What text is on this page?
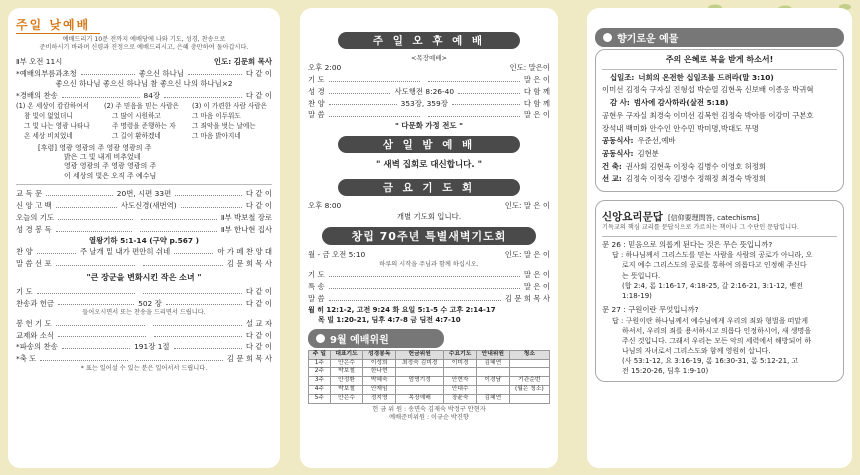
주일 낮예배
예배드리기 10분 전까지 예배당에 나와 기도, 성경, 찬송으로
준비하시기 바라며 신령과 진정으로 예배드리시고, 은혜 충만하여 돌아갑시다.
Ⅱ부 오전 11시	인도: 김문희 목사
*예배의부름과초청	좋으신 하나님	다 같 이
좋으신 하나님 좋으신 하나님 참 좋으신 나의 하나님×2
*경배의 찬송	84장	다 같 이
(1) 온 세상이 캄캄하여서	(2) 주 믿음을 믿는 사람은	(3) 이 가련한 사람 사람은
참 빛이 없었더니	그 많이 시원하고	그 마음 이두워도
그 빛 나는 영광 나타나	주 명령을 준행하는 자	그 죄악을 벗는 날에는
온 세상 비치었네	그 길이 환하겠네	그 마음 밝아지네
[후렴] 영광 영광의 주 영광 영광의 주
밝은 그 빛 내게 비추었네
영광 영광의 주 영광 영광의 주
이 세상의 빛은 오직 주 예수님
교 독 문	20번, 시편 33편	다 같 이
신 앙 고 백	사도신경(새번역)	다 같 이
오늘의 기도	Ⅱ부 박보철 장로
성 경 봉 독	Ⅱ부 한나현 집사
열왕기하 5:1-14 (구약 p.567 )
찬 양	주 날개 밑 내가 편안히 쉬네	아 가 페 찬 양 대
말 씀 선 포	김 문 희 목 사
"큰 장군을 변화시킨 작은 소녀 "
기 도	다 같 이
찬송과 헌금	502 장	다 같 이
들어오시면서 또는 찬송을 드리면서 드립니다.
봉 헌 기 도	설 교 자
교제와 소식	다 같 이
*파송의 찬송	191장 1절	다 같 이
*축 도	김 문 희 목 사
* 표는 일어설 수 있는 분은 일어서서 드립니다.
주 일 오 후 예 배
<목장예배>
오후 2:00	인도: 말은이
기 도	말 은 이
성 경	사도행전 8:26-40	다 함 께
찬 양	353장, 359장	다 함 께
말 씀	말 은 이
" 다문화 가정 전도 "
삼 일 밤 예 배
" 새벽 집회로 대신합니다. "
금 요 기 도 회
오후 8:00	인도: 말 은 이
개별 기도회 입니다.
창립 70주년 특별새벽기도회
월 - 금 오전 5:10	인도: 말 은 이
하루의 시작을 주님과 함께 하십시오.
기 도	말 은 이
특 송	말 은 이
말 씀	김 문 희 목 사
월 히 12:1-2, 고전 9:24 화 요일 5:1-5 수 고후 2:14-17
목 빌 1:20-21, 딤후 4:7-8 금 딤전 4:7-10
9월 예배위원
주 일	대표기도	성경봉독	헌금위원	수요기도	안내위원	청소
1주	안은수	이성희	최정숙 김미경	이미경	김혜연	
2주	박보철	한나현				
3주	안정환	박혜숙	엄명기정	안현자	이경남	기관순번
4주	박보철	안재임		안대수		(월은 청소)
5주	안은수	정지영	목장예배	장윤숙	김혜연	
헌 금 위 원 : 송면숙 김재숙 박정구 안현자
예배준비위원 : 이규순 박진향
향기로운 예물
주의 은혜로 복을 받게 하소서!
십일조: 너희의 온전한 십일조를 드려라(말 3:10)
이미선 김정숙 구자실 진형섭 박순열 김현옥 신보배 이종응 박귀혁
감 사: 범사에 감사하라(살전 5:18)
공현우 구자실 최경숙 이미선 김복헌 김정숙 박아름 이강미 구본호
장석내 백미화 안수인 안수민 박미명,박대도 무명
공동식사: 우준선,예바
공동식사: 김현분
건 축: 권사회 김현옥 이정숙 김병수 이영호 허정희
선 교: 김정숙 이정숙 김병수 정해정 최경숙 박정희
신앙요리문답 [信仰要理問答, catechisms]
기독교의 핵심 교리를 문답식으로 가르치는 책이나 그 수단인 문답입니다.
문 26 : 믿음으로 의롭게 된다는 것은 무슨 뜻입니까?
답 : 하나님께서 그리스도를 믿는 사람을 사람의 공로가 아니라, 오
로지 예수 그리스도의 공로를 통하여 의롭다고 인정해 주신다
는 뜻입니다.
(합 2:4, 롬 1:16-17, 4:18-25, 갈 2:16-21, 3:1-12, 벧전
1:18-19)
문 27 : 구원이란 무엇입니까?
답 : 구원이란 하나님께서 예수님에게 우리의 죄와 형벌을 떠맡게
하셔서, 우리의 죄를 용서하시고 의롭다 인정하시어, 새 생명을
주신 것입니다. 그래서 우리는 모든 악의 세력에서 해방되어 하
나님의 자녀로서 그리스도와 함께 영원히 삽니다.
(사 53:1-12, 요 3:16-19, 롬 16:30-31, 롬 5:12-21, 고
전 15:20-26, 딤후 1:9-10)
